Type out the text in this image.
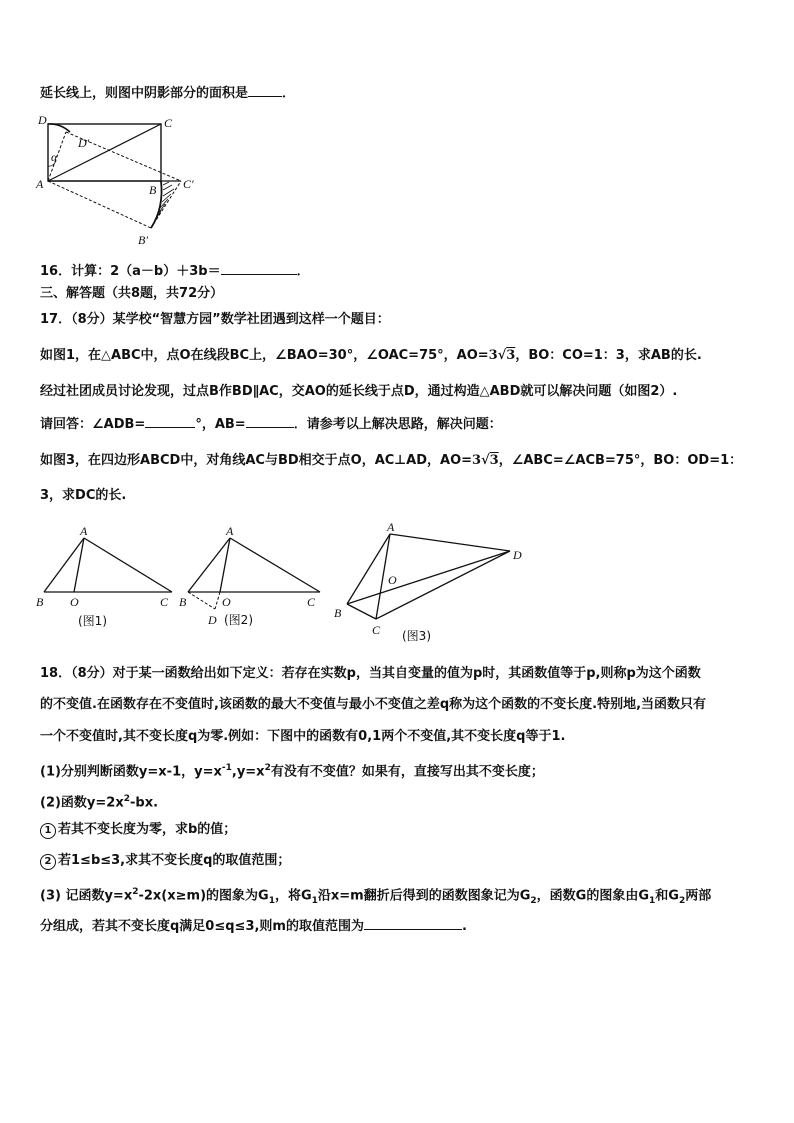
延长线上，则图中阴影部分的面积是	．
D	C
D′
α
A	B C′
B′
16．计算：2（a－b）＋3b＝	．
三、解答题（共8题，共72分）
17．（8分）某学校“智慧方园”数学社团遇到这样一个题目：
如图1，在△ABC中，点O在线段BC上，∠BAO=30°，∠OAC=75°，AO=3√3，BO：CO=1：3，求AB的长.
经过社团成员讨论发现，过点B作BD∥AC，交AO的延长线于点D，通过构造△ABD就可以解决问题（如图2）.
请回答：∠ADB=	°，AB=	．请参考以上解决思路，解决问题：
如图3，在四边形ABCD中，对角线AC与BD相交于点O，AC⊥AD，AO=3√3，∠ABC=∠ACB=75°，BO：OD=1：
3，求DC的长.
A
B O	C
(图1)
A
B	O	C
D (图2)
A
D
O
B
C (图3)
18．（8分）对于某一函数给出如下定义：若存在实数p，当其自变量的值为p时，其函数值等于p,则称p为这个函数
的不变值.在函数存在不变值时,该函数的最大不变值与最小不变值之差q称为这个函数的不变长度.特别地,当函数只有
一个不变值时,其不变长度q为零.例如：下图中的函数有0,1两个不变值,其不变长度q等于1.
(1)分别判断函数y=x-1，$y=x^{-1},y=x^2$有没有不变值？如果有，直接写出其不变长度；
(2)函数$y=2x^2-bx$.
1 若其不变长度为零，求b的值；
2 若1≤b≤3,求其不变长度q的取值范围；
(3) 记函数$y=x^2-2x(x\ge m)$的图象为$G_1$，将$G_1$沿x=m翻折后得到的函数图象记为$G_2$，函数G的图象由$G_1$和$G_2$两部
分组成，若其不变长度q满足0≤q≤3,则m的取值范围为	.
